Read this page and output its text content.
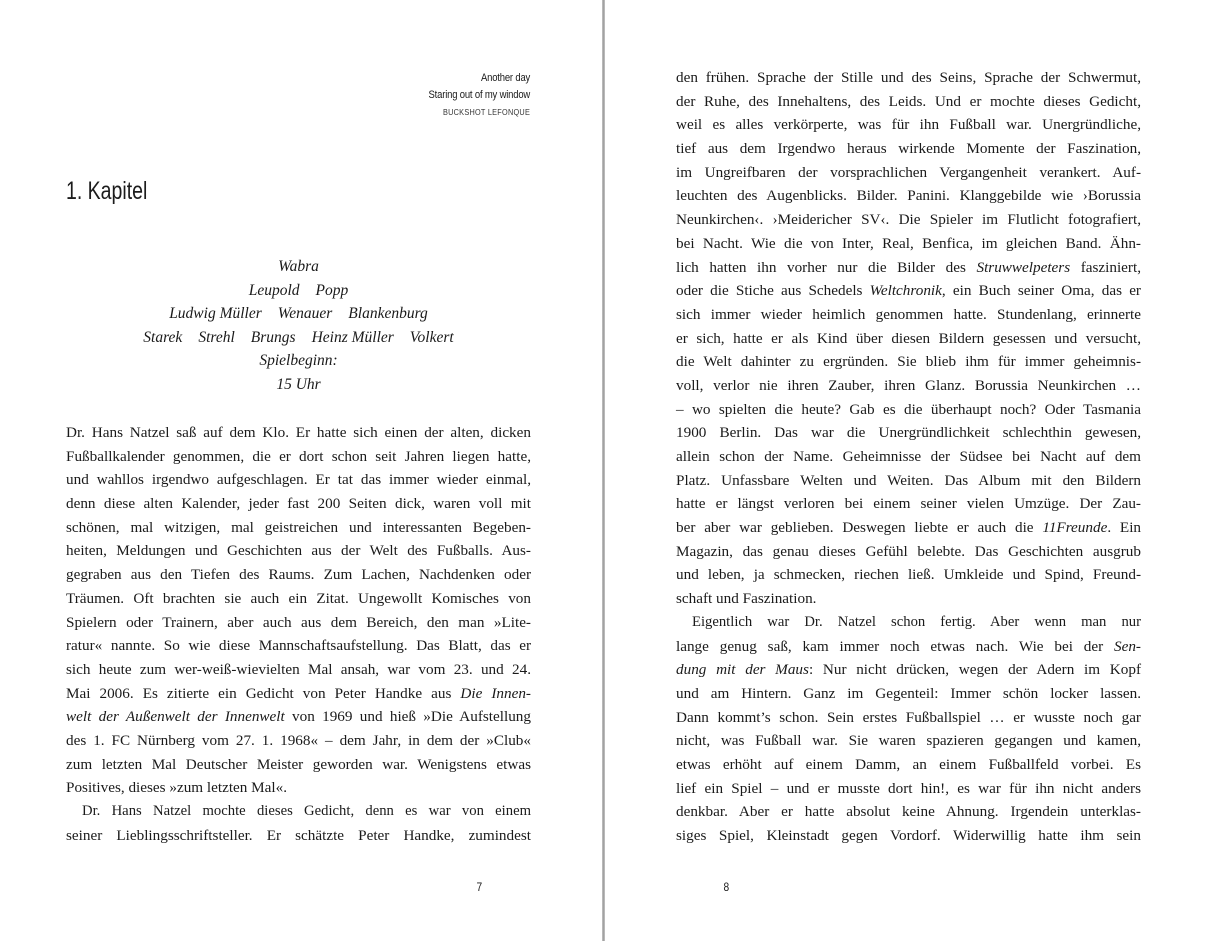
Another day
Staring out of my window
BUCKSHOT LEFONQUE
1. Kapitel
Wabra
Leupold Popp
Ludwig Müller Wenauer Blankenburg
Starek Strehl Brungs Heinz Müller Volkert
Spielbeginn:
15 Uhr
Dr. Hans Natzel saß auf dem Klo. Er hatte sich einen der alten, dicken
Fußballkalender genommen, die er dort schon seit Jahren liegen hatte,
und wahllos irgendwo aufgeschlagen. Er tat das immer wieder einmal,
denn diese alten Kalender, jeder fast 200 Seiten dick, waren voll mit
schönen, mal witzigen, mal geistreichen und interessanten Begeben-
heiten, Meldungen und Geschichten aus der Welt des Fußballs. Aus-
gegraben aus den Tiefen des Raums. Zum Lachen, Nachdenken oder
Träumen. Oft brachten sie auch ein Zitat. Ungewollt Komisches von
Spielern oder Trainern, aber auch aus dem Bereich, den man »Lite-
ratur« nannte. So wie diese Mannschaftsaufstellung. Das Blatt, das er
sich heute zum wer-weiß-wievielten Mal ansah, war vom 23. und 24.
Mai 2006. Es zitierte ein Gedicht von Peter Handke aus Die Innen-
welt der Außenwelt der Innenwelt von 1969 und hieß »Die Aufstellung
des 1. FC Nürnberg vom 27. 1. 1968« – dem Jahr, in dem der »Club«
zum letzten Mal Deutscher Meister geworden war. Wenigstens etwas
Positives, dieses »zum letzten Mal«.
Dr. Hans Natzel mochte dieses Gedicht, denn es war von einem
seiner Lieblingsschriftsteller. Er schätzte Peter Handke, zumindest
7
den frühen. Sprache der Stille und des Seins, Sprache der Schwermut,
der Ruhe, des Innehaltens, des Leids. Und er mochte dieses Gedicht,
weil es alles verkörperte, was für ihn Fußball war. Unergründliche,
tief aus dem Irgendwo heraus wirkende Momente der Faszination,
im Ungreifbaren der vorsprachlichen Vergangenheit verankert. Auf-
leuchten des Augenblicks. Bilder. Panini. Klanggebilde wie ›Borussia
Neunkirchen‹. ›Meidericher SV‹. Die Spieler im Flutlicht fotografiert,
bei Nacht. Wie die von Inter, Real, Benfica, im gleichen Band. Ähn-
lich hatten ihn vorher nur die Bilder des Struwwelpeters fasziniert,
oder die Stiche aus Schedels Weltchronik, ein Buch seiner Oma, das er
sich immer wieder heimlich genommen hatte. Stundenlang, erinnerte
er sich, hatte er als Kind über diesen Bildern gesessen und versucht,
die Welt dahinter zu ergründen. Sie blieb ihm für immer geheimnis-
voll, verlor nie ihren Zauber, ihren Glanz. Borussia Neunkirchen …
– wo spielten die heute? Gab es die überhaupt noch? Oder Tasmania
1900 Berlin. Das war die Unergründlichkeit schlechthin gewesen,
allein schon der Name. Geheimnisse der Südsee bei Nacht auf dem
Platz. Unfassbare Welten und Weiten. Das Album mit den Bildern
hatte er längst verloren bei einem seiner vielen Umzüge. Der Zau-
ber aber war geblieben. Deswegen liebte er auch die 11Freunde. Ein
Magazin, das genau dieses Gefühl belebte. Das Geschichten ausgrub
und leben, ja schmecken, riechen ließ. Umkleide und Spind, Freund-
schaft und Faszination.
Eigentlich war Dr. Natzel schon fertig. Aber wenn man nur
lange genug saß, kam immer noch etwas nach. Wie bei der Sen-
dung mit der Maus: Nur nicht drücken, wegen der Adern im Kopf
und am Hintern. Ganz im Gegenteil: Immer schön locker lassen.
Dann kommt’s schon. Sein erstes Fußballspiel … er wusste noch gar
nicht, was Fußball war. Sie waren spazieren gegangen und kamen,
etwas erhöht auf einem Damm, an einem Fußballfeld vorbei. Es
lief ein Spiel – und er musste dort hin!, es war für ihn nicht anders
denkbar. Aber er hatte absolut keine Ahnung. Irgendein unterklas-
siges Spiel, Kleinstadt gegen Vordorf. Widerwillig hatte ihm sein
8
